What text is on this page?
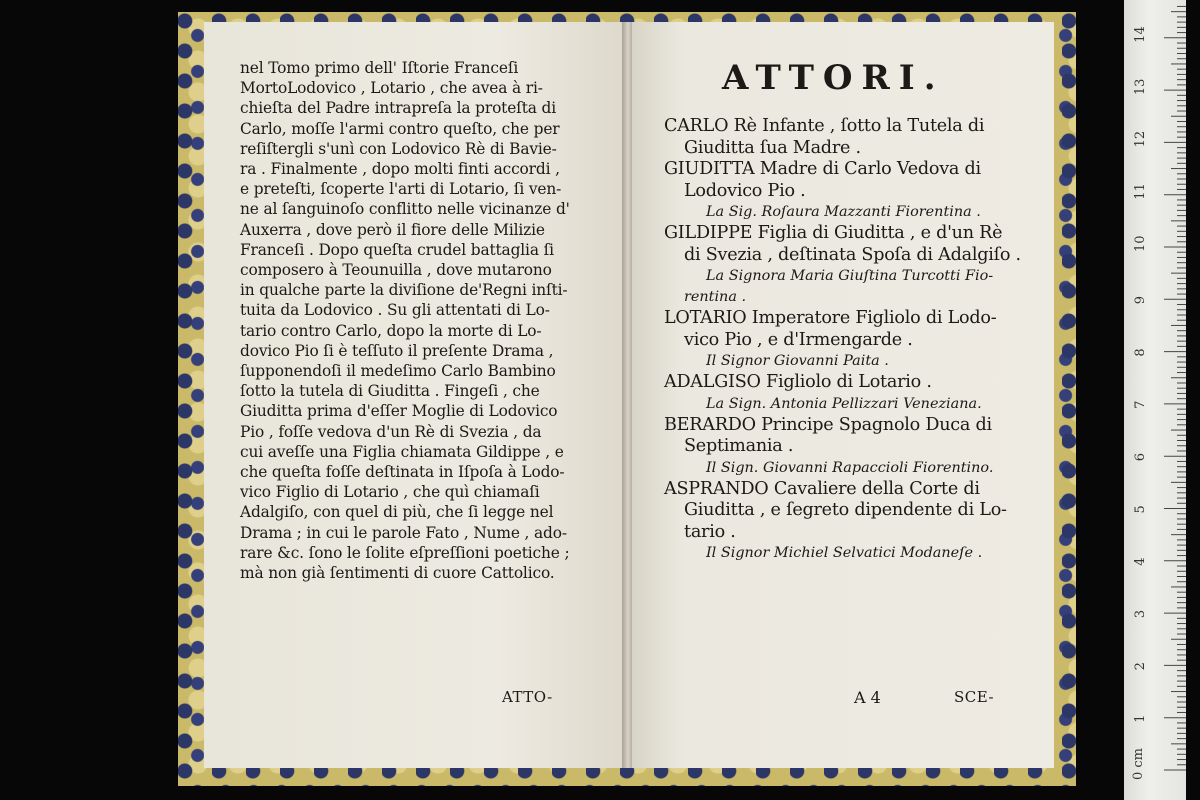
nel Tomo primo dell' Iſtorie Franceſi
MortoLodovico , Lotario , che avea à ri-
chieſta del Padre intrapreſa la proteſta di
Carlo, moſſe l'armi contro queſto, che per
reſiſtergli s'unì con Lodovico Rè di Bavie-
ra . Finalmente , dopo molti finti accordi ,
e preteſti, ſcoperte l'arti di Lotario, ſi ven-
ne al ſanguinoſo conflitto nelle vicinanze d'
Auxerra , dove però il fiore delle Milizie
Franceſi . Dopo queſta crudel battaglia ſi
composero à Teounuilla , dove mutarono
in qualche parte la diviſione de'Regni inſti-
tuita da Lodovico . Su gli attentati di Lo-
tario contro Carlo, dopo la morte di Lo-
dovico Pio ſi è teſſuto il preſente Drama ,
ſupponendoſi il medeſimo Carlo Bambino
ſotto la tutela di Giuditta . Fingeſi , che
Giuditta prima d'eſſer Moglie di Lodovico
Pio , foſſe vedova d'un Rè di Svezia , da
cui aveſſe una Figlia chiamata Gildippe , e
che queſta foſſe deſtinata in Iſpoſa à Lodo-
vico Figlio di Lotario , che quì chiamaſi
Adalgiſo, con quel di più, che ſi legge nel
Drama ; in cui le parole Fato , Nume , ado-
rare &c. ſono le ſolite eſpreſſioni poetiche ;
mà non già ſentimenti di cuore Cattolico.
ATTO-
ATTORI.
CARLO Rè Infante , ſotto la Tutela di
Giuditta ſua Madre .
GIUDITTA Madre di Carlo Vedova di
Lodovico Pio .
La Sig. Roſaura Mazzanti Fiorentina .
GILDIPPE Figlia di Giuditta , e d'un Rè
di Svezia , deſtinata Spoſa di Adalgiſo .
La Signora Maria Giuſtina Turcotti Fio-
rentina .
LOTARIO Imperatore Figliolo di Lodo-
vico Pio , e d'Irmengarde .
Il Signor Giovanni Paita .
ADALGISO Figliolo di Lotario .
La Sign. Antonia Pellizzari Veneziana.
BERARDO Principe Spagnolo Duca di
Septimania .
Il Sign. Giovanni Rapaccioli Fiorentino.
ASPRANDO Cavaliere della Corte di
Giuditta , e ſegreto dipendente di Lo-
tario .
Il Signor Michiel Selvatici Modaneſe .
A 4	SCE-
0 cm
1
2
3
4
5
6
7
8
9
10
11
12
13
14
